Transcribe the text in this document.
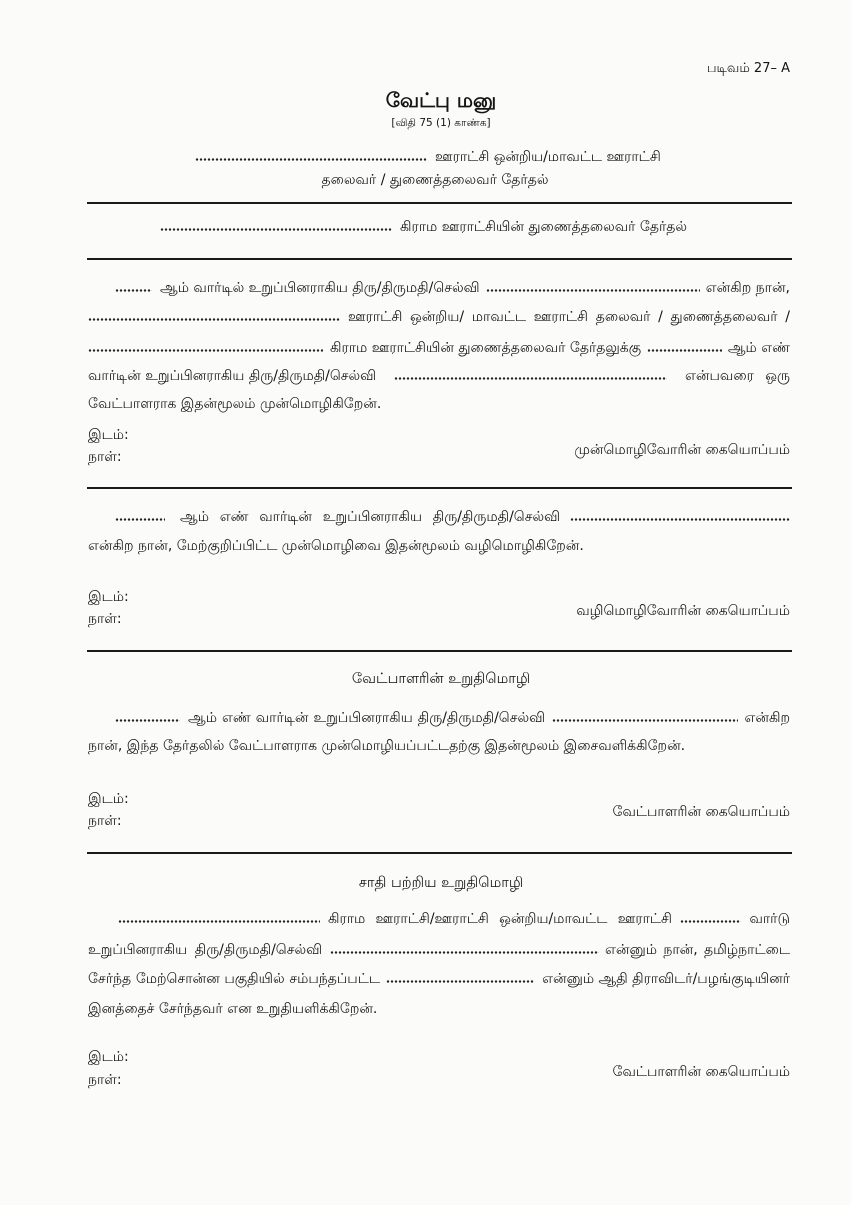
படிவம் 27– A
வேட்பு மனு
[விதி 75 (1) காண்க]
ஊராட்சி ஒன்றிய/மாவட்ட ஊராட்சி
தலைவர் / துணைத்தலைவர் தேர்தல்
கிராம ஊராட்சியின் துணைத்தலைவர் தேர்தல்
ஆம் வார்டில் உறுப்பினராகிய திரு/திருமதி/செல்வி	என்கிற நான்,
ஊராட்சி ஒன்றிய/ மாவட்ட ஊராட்சி தலைவர் / துணைத்தலைவர் /
கிராம ஊராட்சியின் துணைத்தலைவர் தேர்தலுக்கு	ஆம் எண்
வார்டின் உறுப்பினராகிய திரு/திருமதி/செல்வி	என்பவரை ஒரு
வேட்பாளராக இதன்மூலம் முன்மொழிகிறேன்.
இடம்:
நாள்:	முன்மொழிவோரின் கையொப்பம்
ஆம் எண் வார்டின் உறுப்பினராகிய திரு/திருமதி/செல்வி
என்கிற நான், மேற்குறிப்பிட்ட முன்மொழிவை இதன்மூலம் வழிமொழிகிறேன்.
இடம்:
நாள்:	வழிமொழிவோரின் கையொப்பம்
வேட்பாளரின் உறுதிமொழி
ஆம் எண் வார்டின் உறுப்பினராகிய திரு/திருமதி/செல்வி	என்கிற
நான், இந்த தேர்தலில் வேட்பாளராக முன்மொழியப்பட்டதற்கு இதன்மூலம் இசைவளிக்கிறேன்.
இடம்:
நாள்:
வேட்பாளரின் கையொப்பம்
சாதி பற்றிய உறுதிமொழி
கிராம ஊராட்சி/ஊராட்சி ஒன்றிய/மாவட்ட ஊராட்சி	வார்டு
உறுப்பினராகிய திரு/திருமதி/செல்வி	என்னும் நான், தமிழ்நாட்டை
சேர்ந்த மேற்சொன்ன பகுதியில் சம்பந்தப்பட்ட	என்னும் ஆதி திராவிடர்/பழங்குடியினர்
இனத்தைச் சேர்ந்தவர் என உறுதியளிக்கிறேன்.
இடம்:
நாள்:	வேட்பாளரின் கையொப்பம்
